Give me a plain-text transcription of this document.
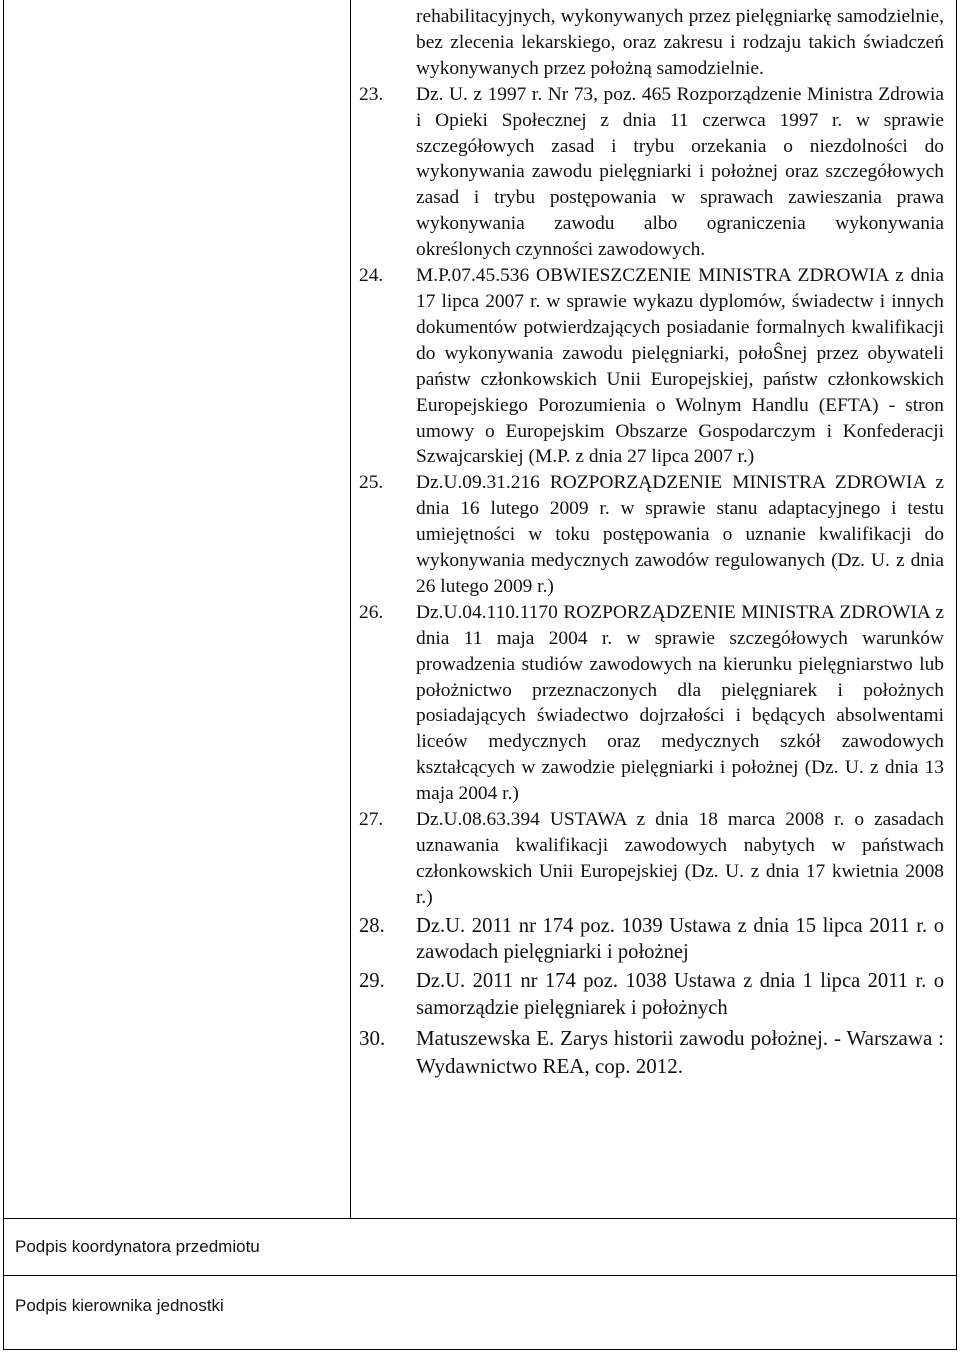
rehabilitacyjnych, wykonywanych przez pielęgniarkę samodzielnie, bez zlecenia lekarskiego, oraz zakresu i rodzaju takich świadczeń wykonywanych przez położną samodzielnie.
23. Dz. U. z 1997 r. Nr 73, poz. 465 Rozporządzenie Ministra Zdrowia i Opieki Społecznej z dnia 11 czerwca 1997 r. w sprawie szczegółowych zasad i trybu orzekania o niezdolności do wykonywania zawodu pielęgniarki i położnej oraz szczegółowych zasad i trybu postępowania w sprawach zawieszania prawa wykonywania zawodu albo ograniczenia wykonywania określonych czynności zawodowych.
24. M.P.07.45.536 OBWIESZCZENIE MINISTRA ZDROWIA z dnia 17 lipca 2007 r. w sprawie wykazu dyplomów, świadectw i innych dokumentów potwierdzających posiadanie formalnych kwalifikacji do wykonywania zawodu pielęgniarki, połoŜnej przez obywateli państw członkowskich Unii Europejskiej, państw członkowskich Europejskiego Porozumienia o Wolnym Handlu (EFTA) - stron umowy o Europejskim Obszarze Gospodarczym i Konfederacji Szwajcarskiej (M.P. z dnia 27 lipca 2007 r.)
25. Dz.U.09.31.216 ROZPORZĄDZENIE MINISTRA ZDROWIA z dnia 16 lutego 2009 r. w sprawie stanu adaptacyjnego i testu umiejętności w toku postępowania o uznanie kwalifikacji do wykonywania medycznych zawodów regulowanych (Dz. U. z dnia 26 lutego 2009 r.)
26. Dz.U.04.110.1170 ROZPORZĄDZENIE MINISTRA ZDROWIA z dnia 11 maja 2004 r. w sprawie szczegółowych warunków prowadzenia studiów zawodowych na kierunku pielęgniarstwo lub położnictwo przeznaczonych dla pielęgniarek i położnych posiadających świadectwo dojrzałości i będących absolwentami liceów medycznych oraz medycznych szkół zawodowych kształcących w zawodzie pielęgniarki i położnej (Dz. U. z dnia 13 maja 2004 r.)
27. Dz.U.08.63.394 USTAWA z dnia 18 marca 2008 r. o zasadach uznawania kwalifikacji zawodowych nabytych w państwach członkowskich Unii Europejskiej (Dz. U. z dnia 17 kwietnia 2008 r.)
28. Dz.U. 2011 nr 174 poz. 1039 Ustawa z dnia 15 lipca 2011 r. o zawodach pielęgniarki i położnej
29. Dz.U. 2011 nr 174 poz. 1038 Ustawa z dnia 1 lipca 2011 r. o samorządzie pielęgniarek i położnych
30. Matuszewska E. Zarys historii zawodu położnej. - Warszawa : Wydawnictwo REA, cop. 2012.
Podpis koordynatora przedmiotu
Podpis kierownika jednostki
